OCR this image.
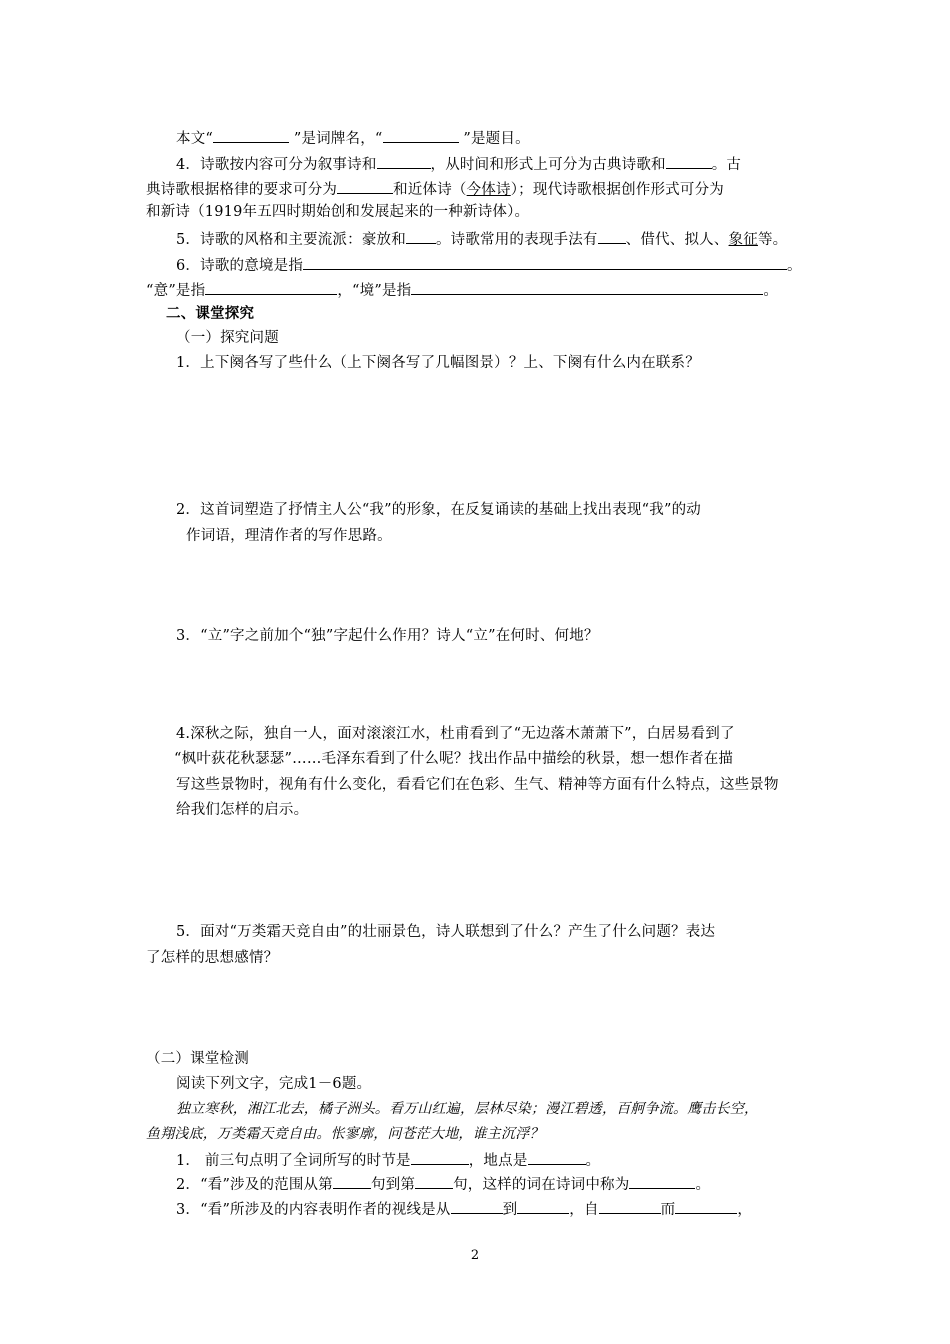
本文“	”是词牌名，“	”是题目。
4．诗歌按内容可分为叙事诗和	，从时间和形式上可分为古典诗歌和	。古
典诗歌根据格律的要求可分为	和近体诗（今体诗）；现代诗歌根据创作形式可分为
和新诗（1919年五四时期始创和发展起来的一种新诗体）。
5．诗歌的风格和主要流派：豪放和 。诗歌常用的表现手法有 、借代、拟人、象征等。
6．诗歌的意境是指	。
“意”是指	，“境”是指	。
二、课堂探究
（一）探究问题
1．上下阕各写了些什么（上下阕各写了几幅图景）？上、下阕有什么内在联系？
2．这首词塑造了抒情主人公“我”的形象，在反复诵读的基础上找出表现“我”的动
作词语，理清作者的写作思路。
3．“立”字之前加个“独”字起什么作用？诗人“立”在何时、何地？
4.深秋之际，独自一人，面对滚滚江水，杜甫看到了“无边落木萧萧下”，白居易看到了
“枫叶荻花秋瑟瑟”……毛泽东看到了什么呢？找出作品中描绘的秋景，想一想作者在描
写这些景物时，视角有什么变化，看看它们在色彩、生气、精神等方面有什么特点，这些景物
给我们怎样的启示。
5．面对“万类霜天竞自由”的壮丽景色，诗人联想到了什么？产生了什么问题？表达
了怎样的思想感情？
（二）课堂检测
阅读下列文字，完成1－6题。
独立寒秋，湘江北去，橘子洲头。看万山红遍，层林尽染；漫江碧透，百舸争流。鹰击长空，
鱼翔浅底，万类霜天竞自由。怅寥廓，问苍茫大地，谁主沉浮？
1． 前三句点明了全词所写的时节是	，地点是	。
2．“看”涉及的范围从第	句到第	句，这样的词在诗词中称为	。
3．“看”所涉及的内容表明作者的视线是从	到	，自	而	，
2
